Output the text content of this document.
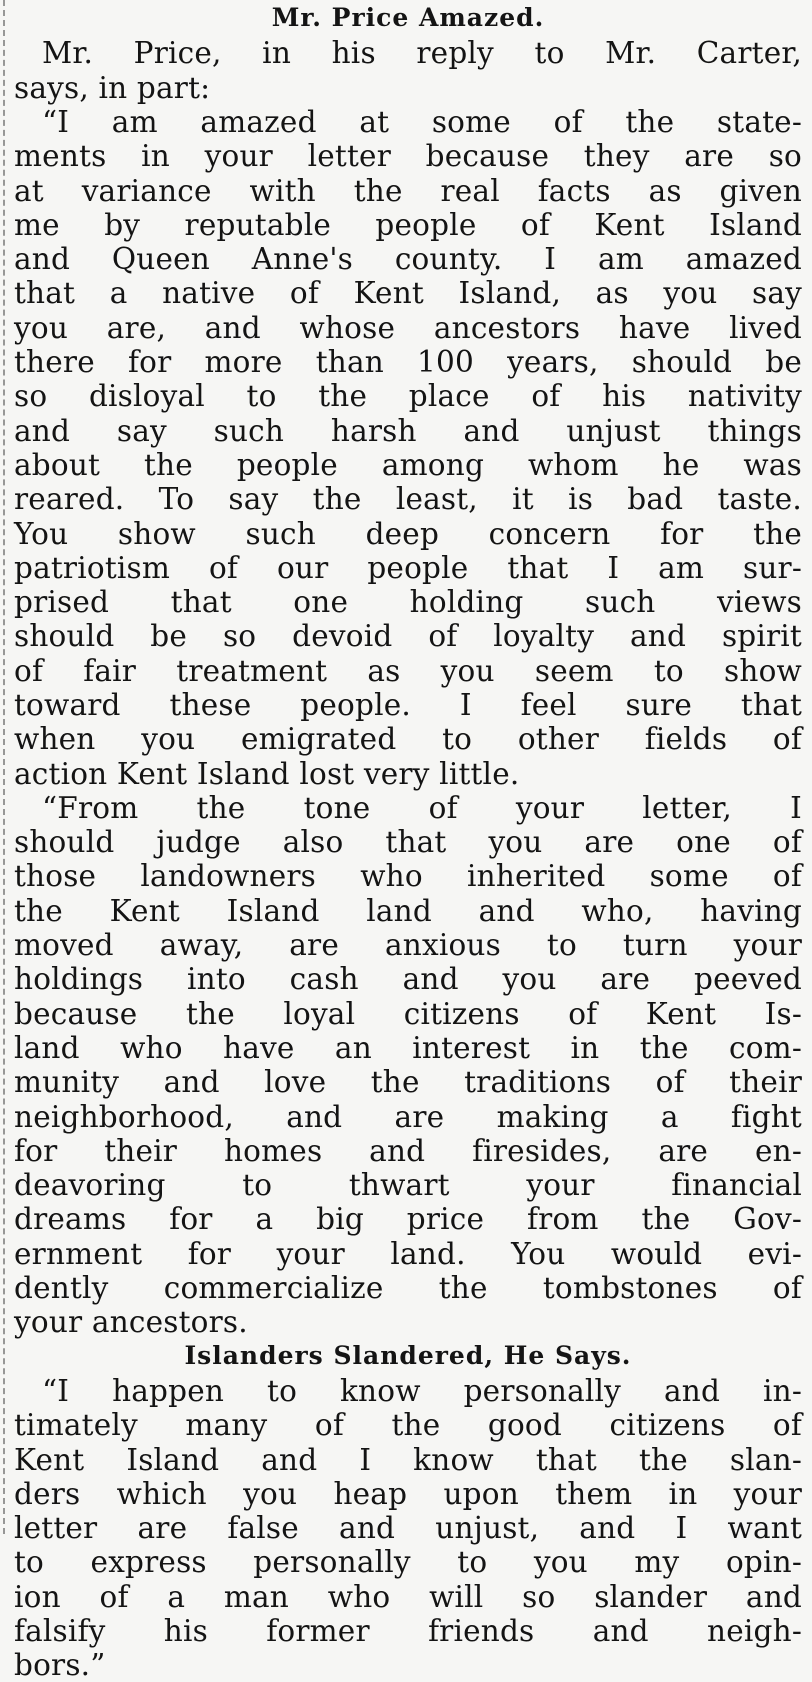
Mr. Price Amazed.
Mr. Price, in his reply to Mr. Carter,
says, in part:
“I am amazed at some of the state-
ments in your letter because they are so
at variance with the real facts as given
me by reputable people of Kent Island
and Queen Anne's county. I am amazed
that a native of Kent Island, as you say
you are, and whose ancestors have lived
there for more than 100 years, should be
so disloyal to the place of his nativity
and say such harsh and unjust things
about the people among whom he was
reared. To say the least, it is bad taste.
You show such deep concern for the
patriotism of our people that I am sur-
prised that one holding such views
should be so devoid of loyalty and spirit
of fair treatment as you seem to show
toward these people. I feel sure that
when you emigrated to other fields of
action Kent Island lost very little.
“From the tone of your letter, I
should judge also that you are one of
those landowners who inherited some of
the Kent Island land and who, having
moved away, are anxious to turn your
holdings into cash and you are peeved
because the loyal citizens of Kent Is-
land who have an interest in the com-
munity and love the traditions of their
neighborhood, and are making a fight
for their homes and firesides, are en-
deavoring to thwart your financial
dreams for a big price from the Gov-
ernment for your land. You would evi-
dently commercialize the tombstones of
your ancestors.
Islanders Slandered, He Says.
“I happen to know personally and in-
timately many of the good citizens of
Kent Island and I know that the slan-
ders which you heap upon them in your
letter are false and unjust, and I want
to express personally to you my opin-
ion of a man who will so slander and
falsify his former friends and neigh-
bors.”
